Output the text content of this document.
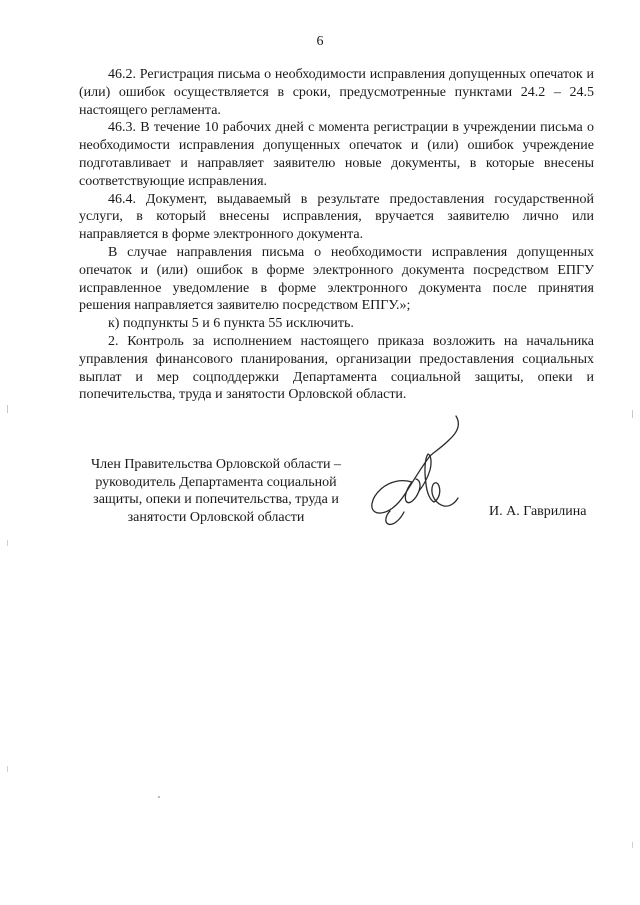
6

46.2. Регистрация письма о необходимости исправления допущенных опечаток и (или) ошибок осуществляется в сроки, предусмотренные пунктами 24.2 – 24.5 настоящего регламента.

46.3. В течение 10 рабочих дней с момента регистрации в учреждении письма о необходимости исправления допущенных опечаток и (или) ошибок учреждение подготавливает и направляет заявителю новые документы, в которые внесены соответствующие исправления.

46.4. Документ, выдаваемый в результате предоставления государственной услуги, в который внесены исправления, вручается заявителю лично или направляется в форме электронного документа.

В случае направления письма о необходимости исправления допущенных опечаток и (или) ошибок в форме электронного документа посредством ЕПГУ исправленное уведомление в форме электронного документа после принятия решения направляется заявителю посредством ЕПГУ.»;

к) подпункты 5 и 6 пункта 55 исключить.

2. Контроль за исполнением настоящего приказа возложить на начальника управления финансового планирования, организации предоставления социальных выплат и мер соцподдержки Департамента социальной защиты, опеки и попечительства, труда и занятости Орловской области.

Член Правительства Орловской области –
руководитель Департамента социальной
защиты, опеки и попечительства, труда и
занятости Орловской области	И. А. Гаврилина
